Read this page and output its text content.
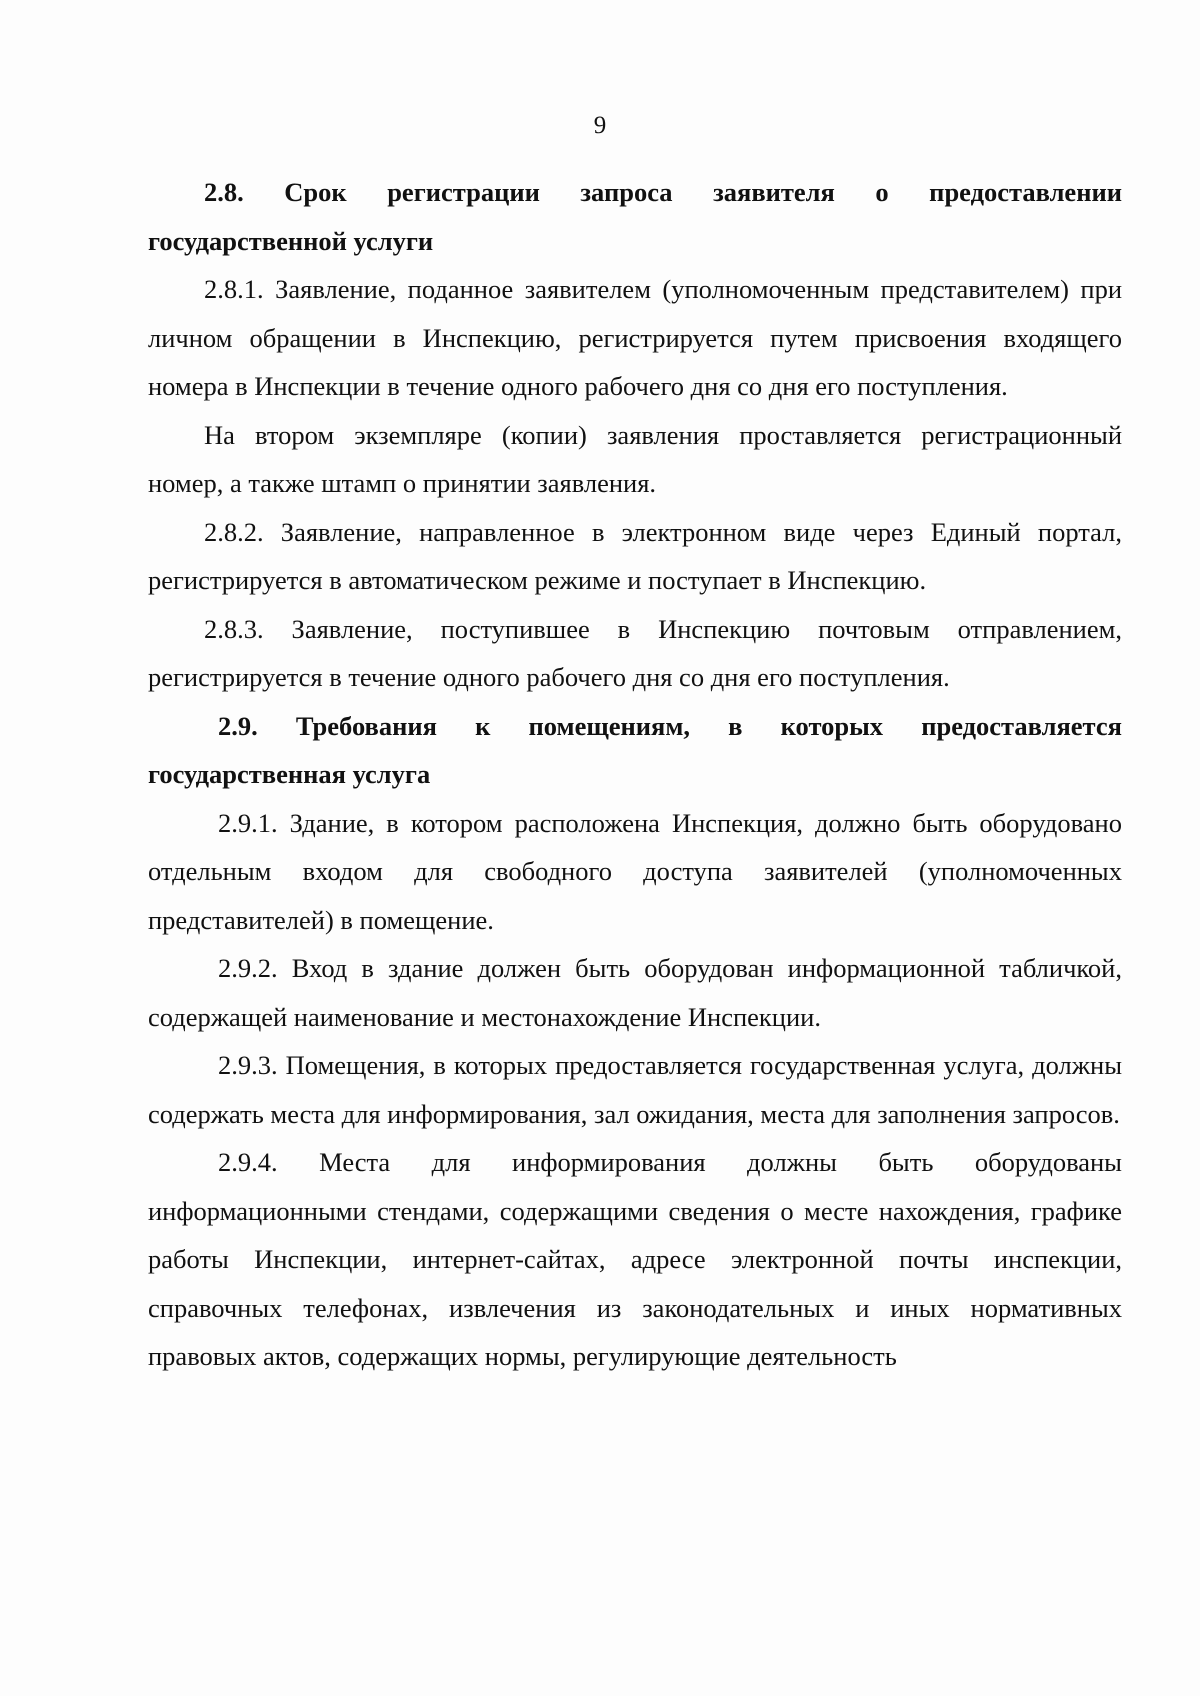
9

2.8. Срок регистрации запроса заявителя о предоставлении государственной услуги

2.8.1. Заявление, поданное заявителем (уполномоченным представителем) при личном обращении в Инспекцию, регистрируется путем присвоения входящего номера в Инспекции в течение одного рабочего дня со дня его поступления.

На втором экземпляре (копии) заявления проставляется регистрационный номер, а также штамп о принятии заявления.

2.8.2. Заявление, направленное в электронном виде через Единый портал, регистрируется в автоматическом режиме и поступает в Инспекцию.

2.8.3. Заявление, поступившее в Инспекцию почтовым отправлением, регистрируется в течение одного рабочего дня со дня его поступления.

2.9. Требования к помещениям, в которых предоставляется государственная услуга

2.9.1. Здание, в котором расположена Инспекция, должно быть оборудовано отдельным входом для свободного доступа заявителей (уполномоченных представителей) в помещение.

2.9.2. Вход в здание должен быть оборудован информационной табличкой, содержащей наименование и местонахождение Инспекции.

2.9.3. Помещения, в которых предоставляется государственная услуга, должны содержать места для информирования, зал ожидания, места для заполнения запросов.

2.9.4. Места для информирования должны быть оборудованы информационными стендами, содержащими сведения о месте нахождения, графике работы Инспекции, интернет-сайтах, адресе электронной почты инспекции, справочных телефонах, извлечения из законодательных и иных нормативных правовых актов, содержащих нормы, регулирующие деятельность
